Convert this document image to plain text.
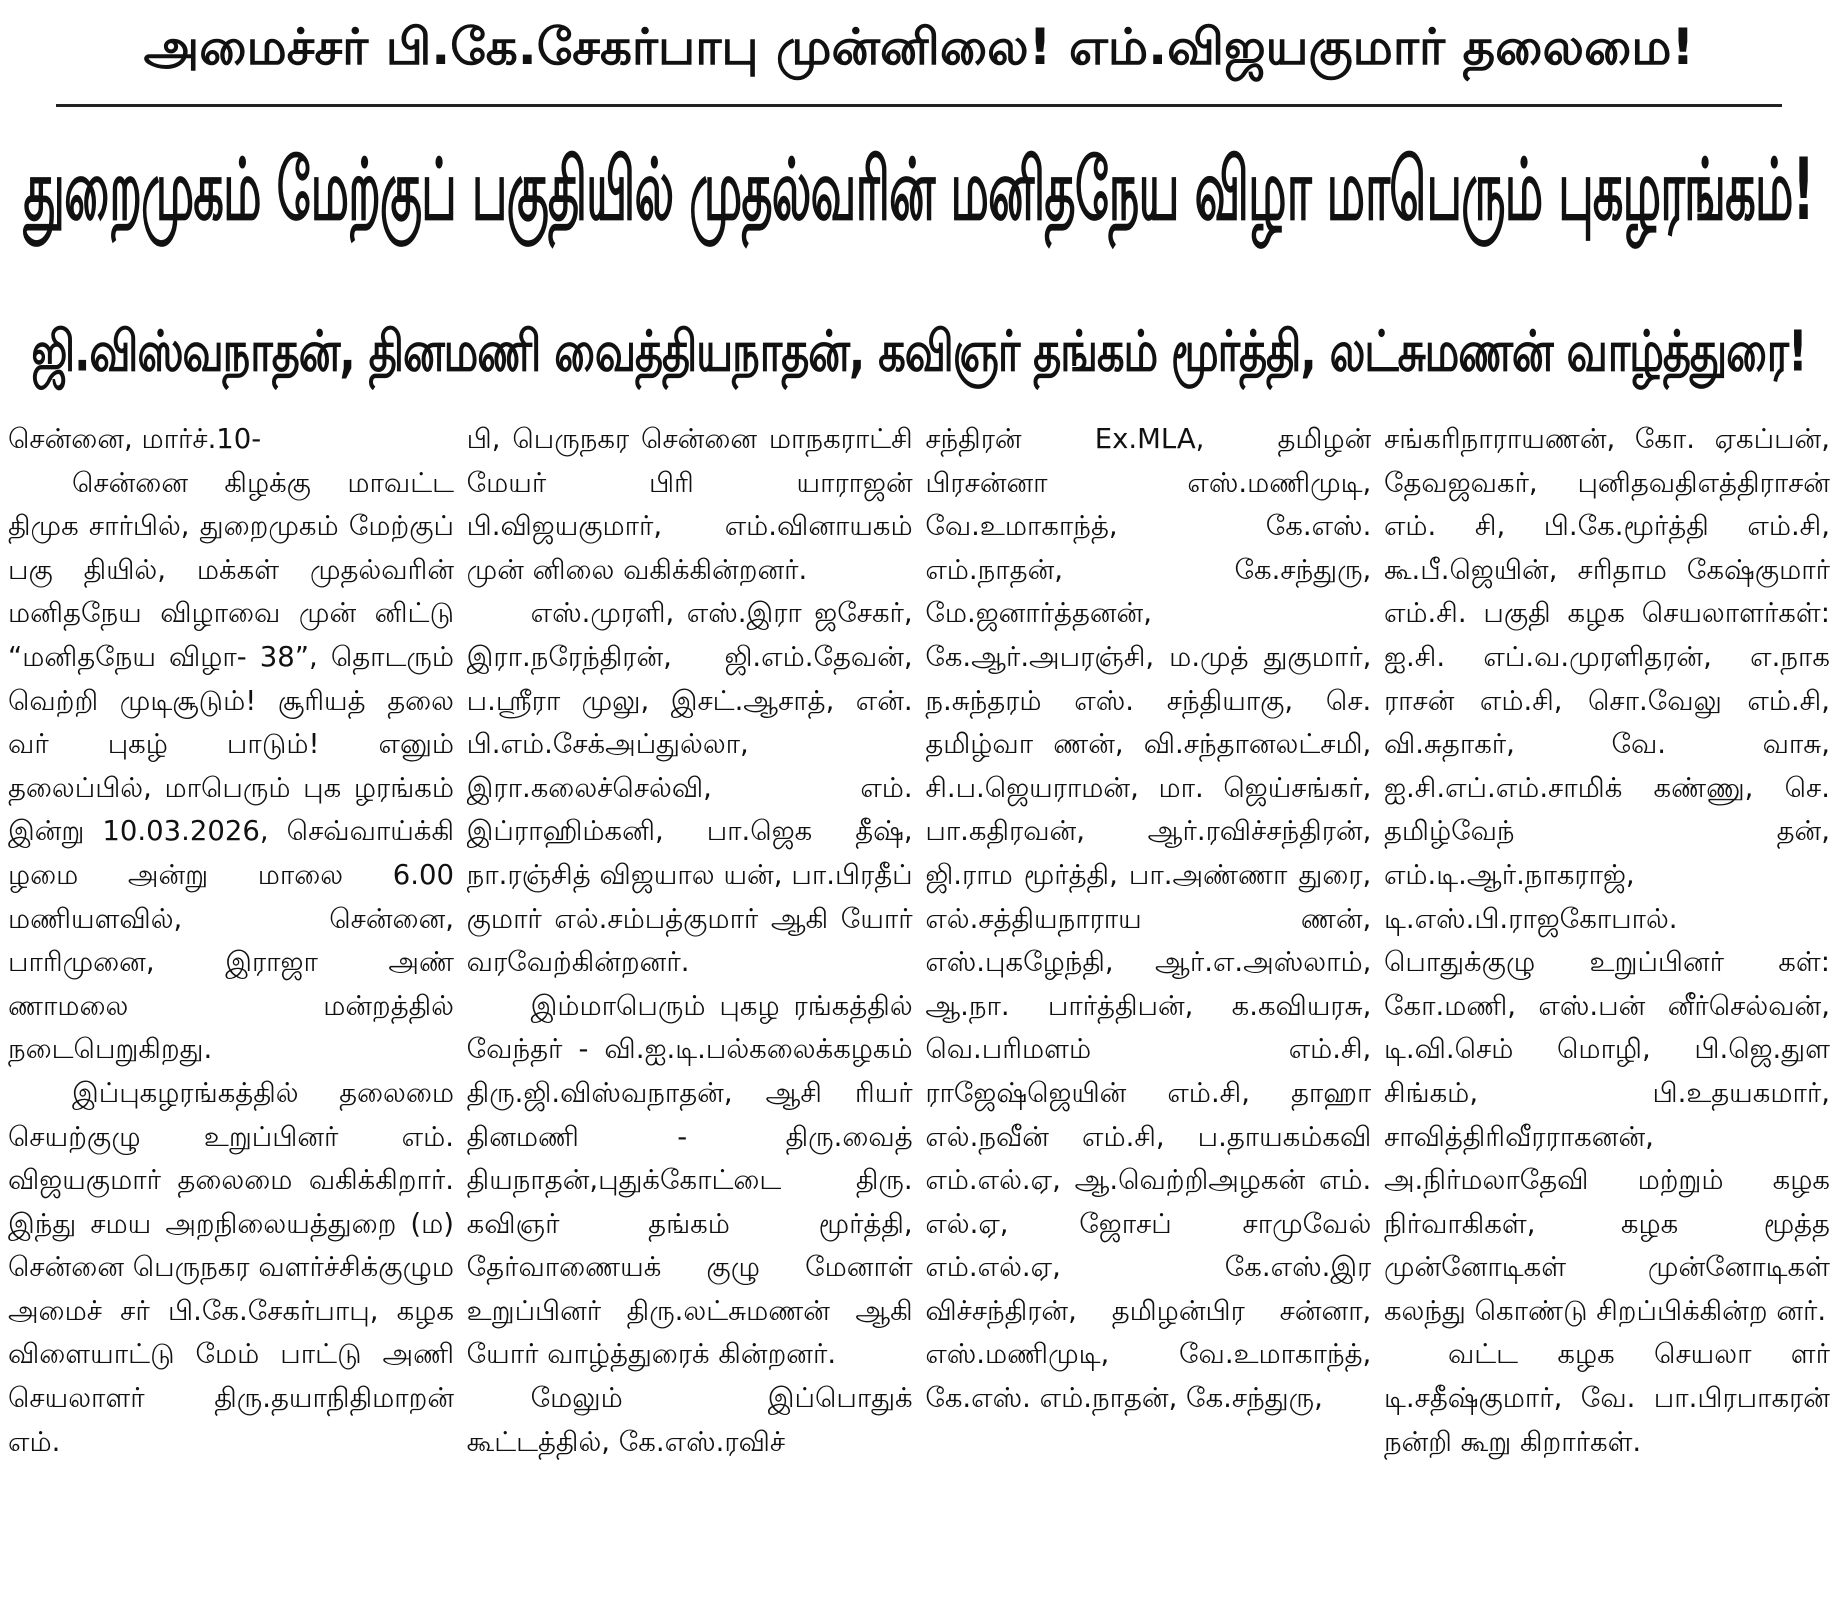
அமைச்சர் பி.கே.சேகர்பாபு முன்னிலை! எம்.விஜயகுமார் தலைமை!
துறைமுகம் மேற்குப் பகுதியில் முதல்வரின் மனிதநேய விழா மாபெரும் புகழரங்கம்!
ஜி.விஸ்வநாதன், தினமணி வைத்தியநாதன், கவிஞர் தங்கம் மூர்த்தி, லட்சுமணன் வாழ்த்துரை!

சென்னை, மார்ச்.10-

சென்னை கிழக்கு மாவட்ட திமுக சார்பில், துறைமுகம் மேற்குப் பகு தியில், மக்கள் முதல்வரின் மனிதநேய விழாவை முன் னிட்டு “மனிதநேய விழா- 38”, தொடரும் வெற்றி முடிசூடும்! சூரியத் தலை வர் புகழ் பாடும்! எனும் தலைப்பில், மாபெரும் புக ழரங்கம் இன்று 10.03.2026, செவ்வாய்க்கி ழமை அன்று மாலை 6.00 மணியளவில், சென்னை, பாரிமுனை, இராஜா அண் ணாமலை மன்றத்தில் நடைபெறுகிறது.

இப்புகழரங்கத்தில் தலைமை செயற்குழு உறுப்பினர் எம். விஜயகுமார் தலைமை வகிக்கிறார். இந்து சமய அறநிலையத்துறை (ம) சென்னை பெருநகர வளர்ச்சிக்குழும அமைச் சர் பி.கே.சேகர்பாபு, கழக விளையாட்டு மேம் பாட்டு அணி செயலாளர் திரு.தயாநிதிமாறன் எம்.

பி, பெருநகர சென்னை மாநகராட்சி மேயர் பிரி யாராஜன் பி.விஜயகுமார், எம்.வினாயகம் முன் னிலை வகிக்கின்றனர்.

எஸ்.முரளி, எஸ்.இரா ஜசேகர், இரா.நரேந்திரன், ஜி.எம்.தேவன், ப.ஸ்ரீரா முலு, இசட்.ஆசாத், என். பி.எம்.சேக்அப்துல்லா, இரா.கலைச்செல்வி, எம். இப்ராஹிம்கனி, பா.ஜெக தீஷ், நா.ரஞ்சித் விஜயால யன், பா.பிரதீப் குமார் எல்.சம்பத்குமார் ஆகி யோர் வரவேற்கின்றனர்.

இம்மாபெரும் புகழ ரங்கத்தில் வேந்தர் - வி.ஐ.டி.பல்கலைக்கழகம் திரு.ஜி.விஸ்வநாதன், ஆசி ரியர் தினமணி - திரு.வைத் தியநாதன்,புதுக்கோட்டை திரு. கவிஞர் தங்கம் மூர்த்தி, தேர்வாணையக் குழு மேனாள் உறுப்பினர் திரு.லட்சுமணன் ஆகி யோர் வாழ்த்துரைக் கின்றனர்.

மேலும் இப்பொதுக் கூட்டத்தில், கே.எஸ்.ரவிச்

சந்திரன் Ex.MLA, தமிழன் பிரசன்னா எஸ்.மணிமுடி, வே.உமாகாந்த், கே.எஸ். எம்.நாதன், கே.சந்துரு, மே.ஜனார்த்தனன், கே.ஆர்.அபரஞ்சி, ம.முத் துகுமார், ந.சுந்தரம் எஸ். சந்தியாகு, செ. தமிழ்வா ணன், வி.சந்தானலட்சமி, சி.ப.ஜெயராமன், மா. ஜெய்சங்கர், பா.கதிரவன், ஆர்.ரவிச்சந்திரன், ஜி.ராம மூர்த்தி, பா.அண்ணா துரை, எல்.சத்தியநாராய ணன், எஸ்.புகழேந்தி, ஆர்.எ.அஸ்லாம், ஆ.நா. பார்த்திபன், க.கவியரசு, வெ.பரிமளம் எம்.சி, ராஜேஷ்ஜெயின் எம்.சி, தாஹா எல்.நவீன் எம்.சி, ப.தாயகம்கவி எம்.எல்.ஏ, ஆ.வெற்றிஅழகன் எம். எல்.ஏ, ஜோசப் சாமுவேல் எம்.எல்.ஏ, கே.எஸ்.இர விச்சந்திரன், தமிழன்பிர சன்னா, எஸ்.மணிமுடி, வே.உமாகாந்த், கே.எஸ். எம்.நாதன், கே.சந்துரு,

சங்கரிநாராயணன், கோ. ஏகப்பன், தேவஜவகர், புனிதவதிஎத்திராசன் எம். சி, பி.கே.மூர்த்தி எம்.சி, கூ.பீ.ஜெயின், சரிதாம கேஷ்குமார் எம்.சி. பகுதி கழக செயலாளர்கள்: ஐ.சி. எப்.வ.முரளிதரன், எ.நாக ராசன் எம்.சி, சொ.வேலு எம்.சி, வி.சுதாகர், வே. வாசு, ஐ.சி.எப்.எம்.சாமிக் கண்ணு, செ. தமிழ்வேந் தன், எம்.டி.ஆர்.நாகராஜ், டி.எஸ்.பி.ராஜகோபால். பொதுக்குழு உறுப்பினர் கள்: கோ.மணி, எஸ்.பன் னீர்செல்வன், டி.வி.செம் மொழி, பி.ஜெ.துள சிங்கம், பி.உதயகமார், சாவித்திரிவீரராகனன், அ.நிர்மலாதேவி மற்றும் கழக நிர்வாகிகள், கழக மூத்த முன்னோடிகள் முன்னோடிகள் கலந்து கொண்டு சிறப்பிக்கின்ற னர்.

வட்ட கழக செயலா ளர் டி.சதீஷ்குமார், வே. பா.பிரபாகரன் நன்றி கூறு கிறார்கள்.
